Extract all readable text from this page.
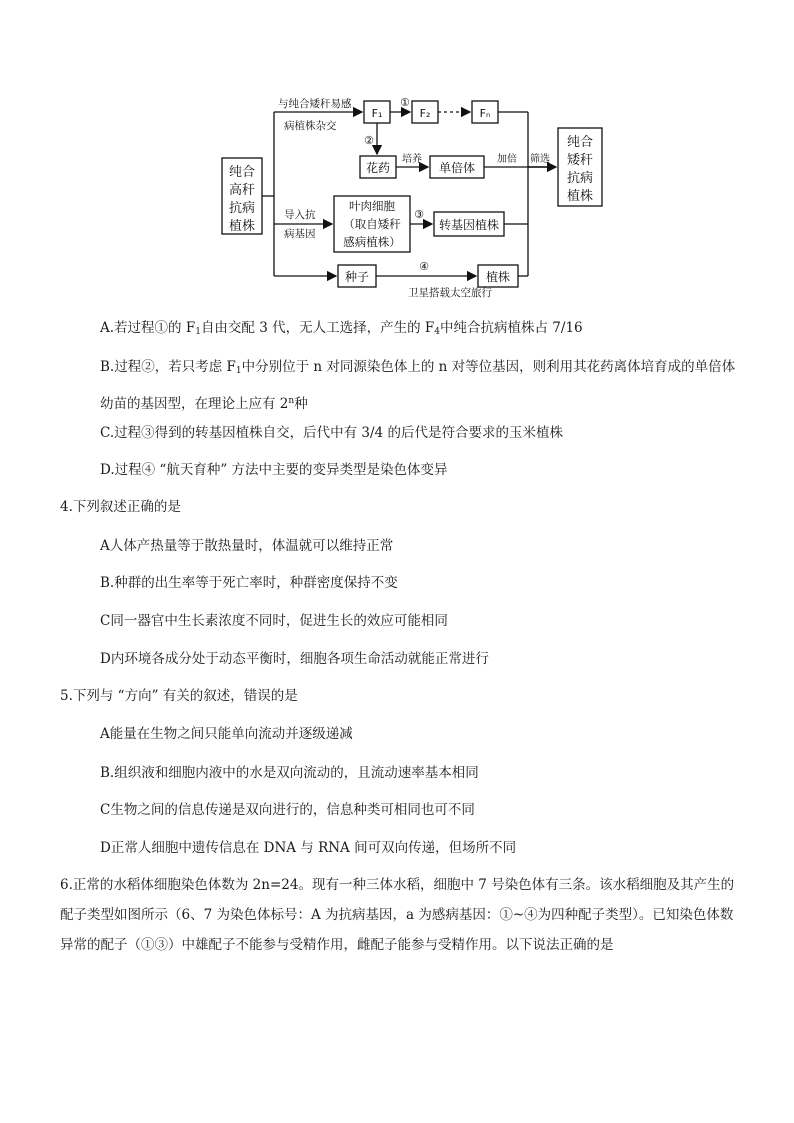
纯合
高秆
抗病
植株
与纯合矮秆易感
病植株杂交
F₁	F₂	Fₙ
①
②
花药
培养
单倍体
加倍 筛选
导入抗
病基因
叶肉细胞
（取自矮秆
感病植株）
③
转基因植株
种子
④
植株
卫星搭载太空旅行
纯合
矮秆
抗病
植株
A.若过程①的 $F_1$自由交配 3 代，无人工选择，产生的 $F_4$中纯合抗病植株占 7/16
B.过程②，若只考虑 $F_1$中分别位于 n 对同源染色体上的 n 对等位基因，则利用其花药离体培育成的单倍体幼苗的基因型，在理论上应有 2$^n$种
C.过程③得到的转基因植株自交，后代中有 3/4 的后代是符合要求的玉米植株
D.过程④ “航天育种” 方法中主要的变异类型是染色体变异
4.下列叙述正确的是
A人体产热量等于散热量时，体温就可以维持正常
B.种群的出生率等于死亡率时，种群密度保持不变
C同一器官中生长素浓度不同时，促进生长的效应可能相同
D内环境各成分处于动态平衡时，细胞各项生命活动就能正常进行
5.下列与 “方向” 有关的叙述，错误的是
A能量在生物之间只能单向流动并逐级递减
B.组织液和细胞内液中的水是双向流动的，且流动速率基本相同
C生物之间的信息传递是双向进行的，信息种类可相同也可不同
D正常人细胞中遗传信息在 DNA 与 RNA 间可双向传递，但场所不同
6.正常的水稻体细胞染色体数为 2n=24。现有一种三体水稻，细胞中 7 号染色体有三条。该水稻细胞及其产生的配子类型如图所示（6、7 为染色体标号：A 为抗病基因，a 为感病基因：①~④为四种配子类型）。已知染色体数异常的配子（①③）中雄配子不能参与受精作用，雌配子能参与受精作用。以下说法正确的是
